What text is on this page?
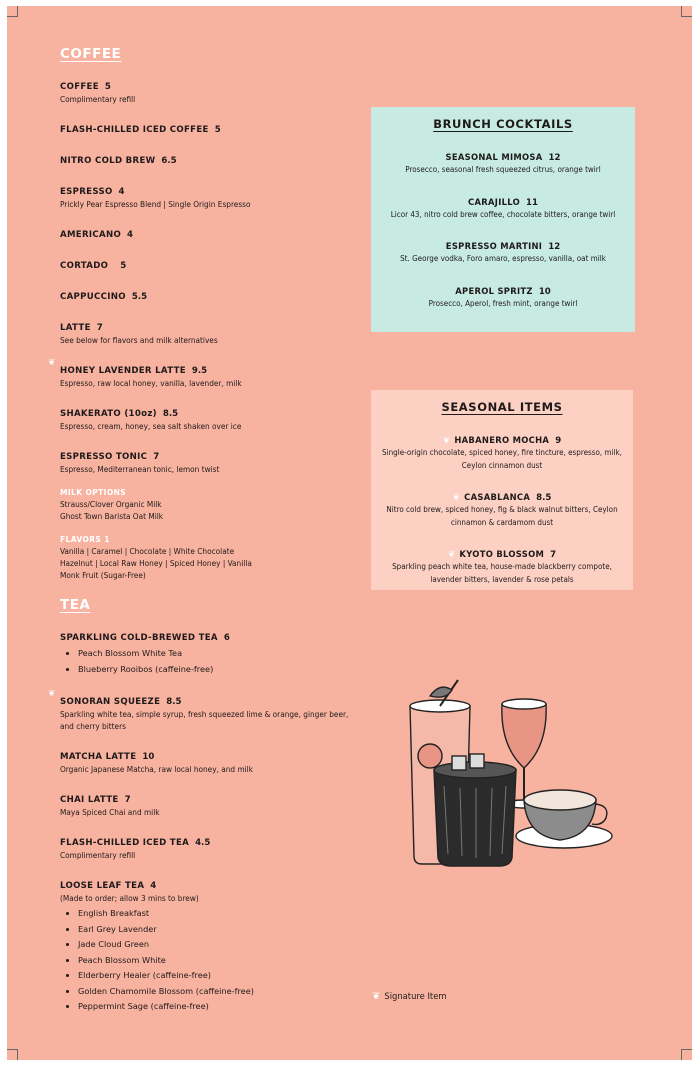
COFFEE
COFFEE 5
Complimentary refill
FLASH-CHILLED ICED COFFEE 5
NITRO COLD BREW 6.5
ESPRESSO 4
Prickly Pear Espresso Blend | Single Origin Espresso
AMERICANO 4
CORTADO 5
CAPPUCCINO 5.5
LATTE 7
See below for flavors and milk alternatives
❦
HONEY LAVENDER LATTE 9.5
Espresso, raw local honey, vanilla, lavender, milk
SHAKERATO (10oz) 8.5
Espresso, cream, honey, sea salt shaken over ice
ESPRESSO TONIC 7
Espresso, Mediterranean tonic, lemon twist
MILK OPTIONS
Strauss/Clover Organic Milk
Ghost Town Barista Oat Milk
FLAVORS 1
Vanilla | Caramel | Chocolate | White Chocolate
Hazelnut | Local Raw Honey | Spiced Honey | Vanilla
Monk Fruit (Sugar-Free)
TEA
SPARKLING COLD-BREWED TEA 6
• Peach Blossom White Tea
• Blueberry Rooibos (caffeine-free)
❦
SONORAN SQUEEZE 8.5
Sparkling white tea, simple syrup, fresh squeezed lime & orange, ginger beer, and cherry bitters
MATCHA LATTE 10
Organic Japanese Matcha, raw local honey, and milk
CHAI LATTE 7
Maya Spiced Chai and milk
FLASH-CHILLED ICED TEA 4.5
Complimentary refill
LOOSE LEAF TEA 4
(Made to order; allow 3 mins to brew)
• English Breakfast
• Earl Grey Lavender
• Jade Cloud Green
• Peach Blossom White
• Elderberry Healer (caffeine-free)
• Golden Chamomile Blossom (caffeine-free)
• Peppermint Sage (caffeine-free)
BRUNCH COCKTAILS
SEASONAL MIMOSA 12
Prosecco, seasonal fresh squeezed citrus, orange twirl
CARAJILLO 11
Licor 43, nitro cold brew coffee, chocolate bitters, orange twirl
ESPRESSO MARTINI 12
St. George vodka, Foro amaro, espresso, vanilla, oat milk
APEROL SPRITZ 10
Prosecco, Aperol, fresh mint, orange twirl
SEASONAL ITEMS
❦ HABANERO MOCHA 9
Single-origin chocolate, spiced honey, fire tincture, espresso, milk, Ceylon cinnamon dust
❦ CASABLANCA 8.5
Nitro cold brew, spiced honey, fig & black walnut bitters, Ceylon cinnamon & cardamom dust
❦ KYOTO BLOSSOM 7
Sparkling peach white tea, house-made blackberry compote, lavender bitters, lavender & rose petals
❦ Signature Item
